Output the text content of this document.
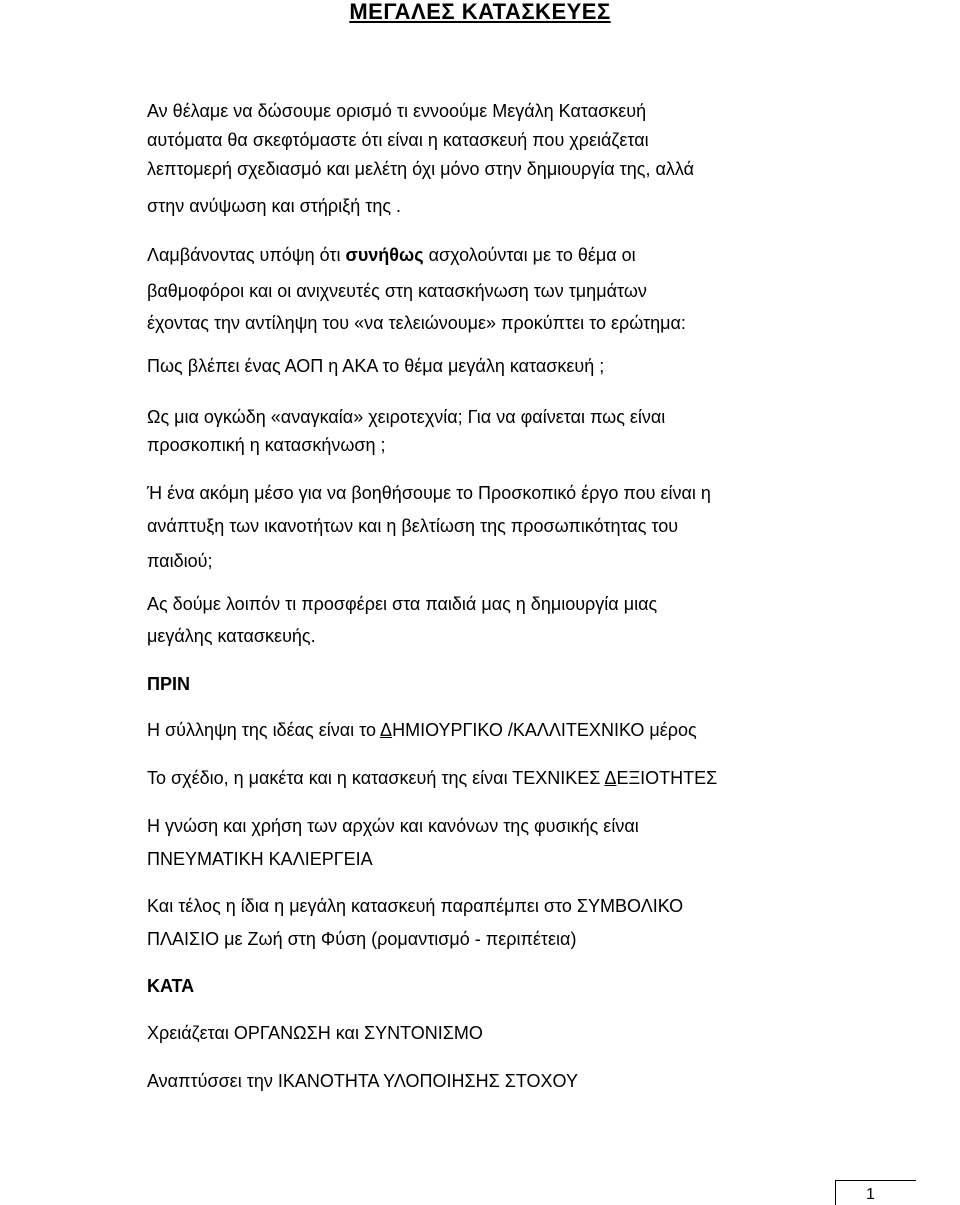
ΜΕΓΑΛΕΣ ΚΑΤΑΣΚΕΥΕΣ
Αν θέλαμε να δώσουμε ορισμό τι εννοούμε Μεγάλη Κατασκευή
αυτόματα θα σκεφτόμαστε ότι είναι η κατασκευή που χρειάζεται
λεπτομερή σχεδιασμό και μελέτη όχι μόνο στην δημιουργία της, αλλά
στην ανύψωση και στήριξή της .
Λαμβάνοντας υπόψη ότι συνήθως ασχολούνται με το θέμα οι
βαθμοφόροι και οι ανιχνευτές στη κατασκήνωση των τμημάτων
έχοντας την αντίληψη του «να τελειώνουμε» προκύπτει το ερώτημα:
Πως βλέπει ένας ΑΟΠ η ΑΚΑ το θέμα μεγάλη κατασκευή ;
Ως μια ογκώδη «αναγκαία» χειροτεχνία; Για να φαίνεται πως είναι
προσκοπική η κατασκήνωση ;
Ή ένα ακόμη μέσο για να βοηθήσουμε το Προσκοπικό έργο που είναι η
ανάπτυξη των ικανοτήτων και η βελτίωση της προσωπικότητας του
παιδιού;
Ας δούμε λοιπόν τι προσφέρει στα παιδιά μας η δημιουργία μιας
μεγάλης κατασκευής.
ΠΡΙΝ
Η σύλληψη της ιδέας είναι το ΔΗΜΙΟΥΡΓΙΚΟ /ΚΑΛΛΙΤΕΧΝΙΚΟ μέρος
Το σχέδιο, η μακέτα και η κατασκευή της είναι ΤΕΧΝΙΚΕΣ ΔΕΞΙΟΤΗΤΕΣ
Η γνώση και χρήση των αρχών και κανόνων της φυσικής είναι
ΠΝΕΥΜΑΤΙΚΗ ΚΑΛΙΕΡΓΕΙΑ
Και τέλος η ίδια η μεγάλη κατασκευή παραπέμπει στο ΣΥΜΒΟΛΙΚΟ
ΠΛΑΙΣΙΟ με Ζωή στη Φύση (ρομαντισμό - περιπέτεια)
ΚΑΤΑ
Χρειάζεται ΟΡΓΑΝΩΣΗ και ΣΥΝΤΟΝΙΣΜΟ
Αναπτύσσει την ΙΚΑΝΟΤΗΤΑ ΥΛΟΠΟΙΗΣΗΣ ΣΤΟΧΟΥ
1
